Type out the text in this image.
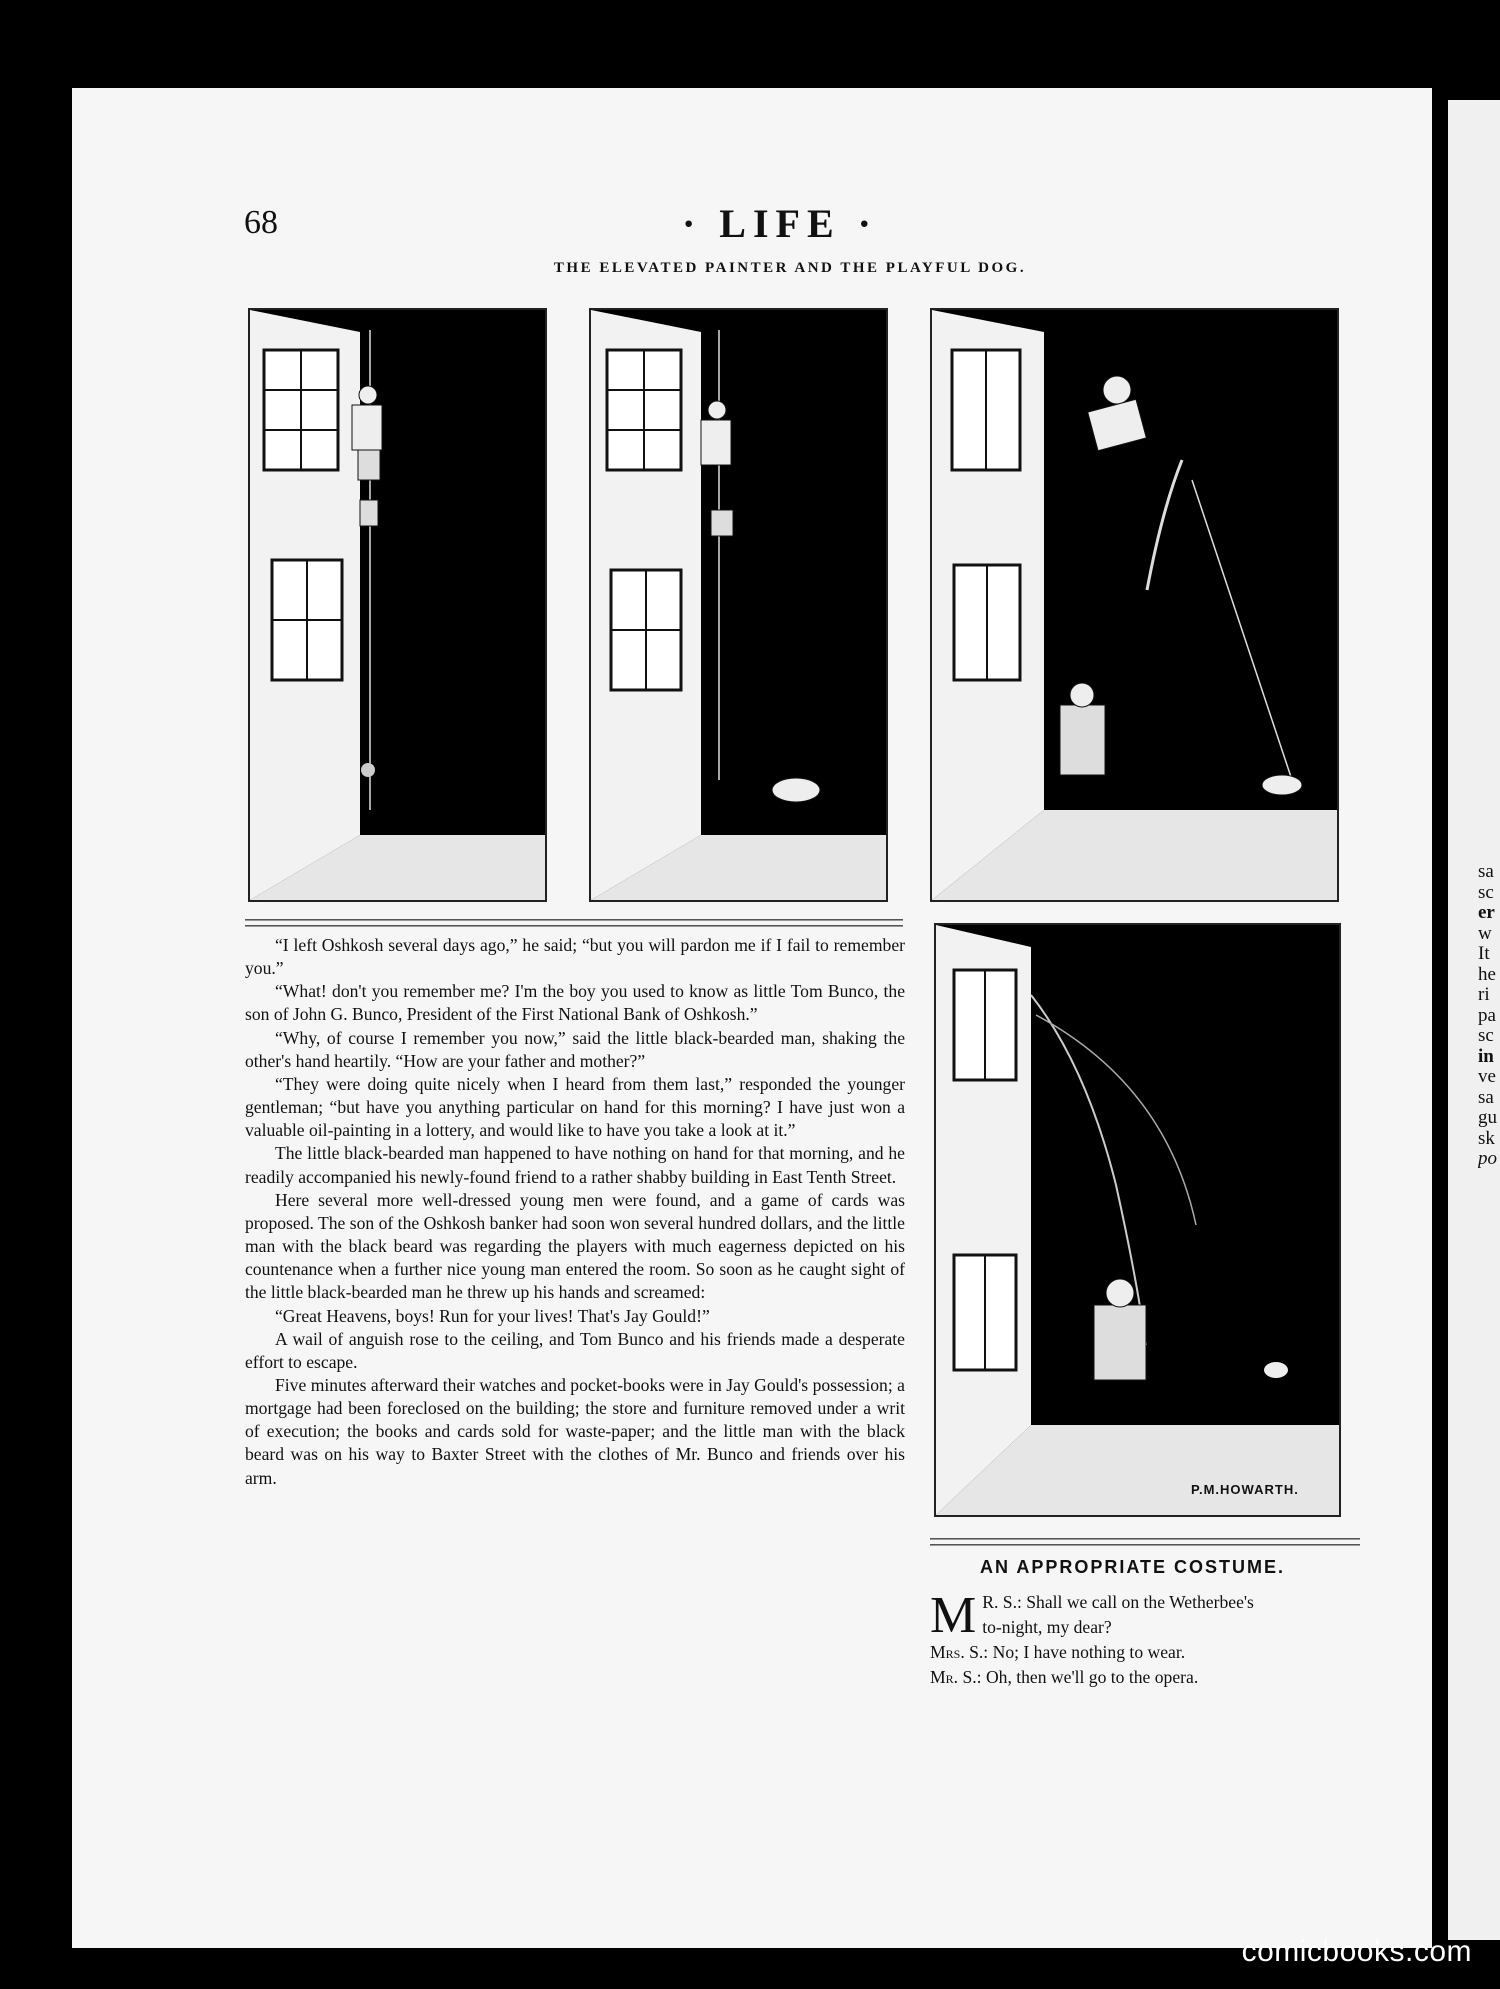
sa
sc
er
w
It
he
ri
pa
sc
in
ve
sa
gu
sk
po
68	· LIFE ·
THE ELEVATED PAINTER AND THE PLAYFUL DOG.
P.M.HOWARTH.

“I left Oshkosh several days ago,” he said; “but you will pardon me if I fail to remember you.”

“What! don't you remember me? I'm the boy you used to know as little Tom Bunco, the son of John G. Bunco, President of the First National Bank of Oshkosh.”

“Why, of course I remember you now,” said the little black-bearded man, shaking the other's hand heartily. “How are your father and mother?”

“They were doing quite nicely when I heard from them last,” responded the younger gentleman; “but have you anything particular on hand for this morning? I have just won a valuable oil-painting in a lottery, and would like to have you take a look at it.”

The little black-bearded man happened to have nothing on hand for that morning, and he readily accompanied his newly-found friend to a rather shabby building in East Tenth Street.

Here several more well-dressed young men were found, and a game of cards was proposed. The son of the Oshkosh banker had soon won several hundred dollars, and the little man with the black beard was regarding the players with much eagerness depicted on his countenance when a further nice young man entered the room. So soon as he caught sight of the little black-bearded man he threw up his hands and screamed:

“Great Heavens, boys! Run for your lives! That's Jay Gould!”

A wail of anguish rose to the ceiling, and Tom Bunco and his friends made a desperate effort to escape.

Five minutes afterward their watches and pocket-books were in Jay Gould's possession; a mortgage had been foreclosed on the building; the store and furniture removed under a writ of execution; the books and cards sold for waste-paper; and the little man with the black beard was on his way to Baxter Street with the clothes of Mr. Bunco and friends over his arm.

AN APPROPRIATE COSTUME.
M R. S.: Shall we call on the Wetherbee's
to-night, my dear?
Mrs. S.: No; I have nothing to wear.
Mr. S.: Oh, then we'll go to the opera.
comicbooks.com
